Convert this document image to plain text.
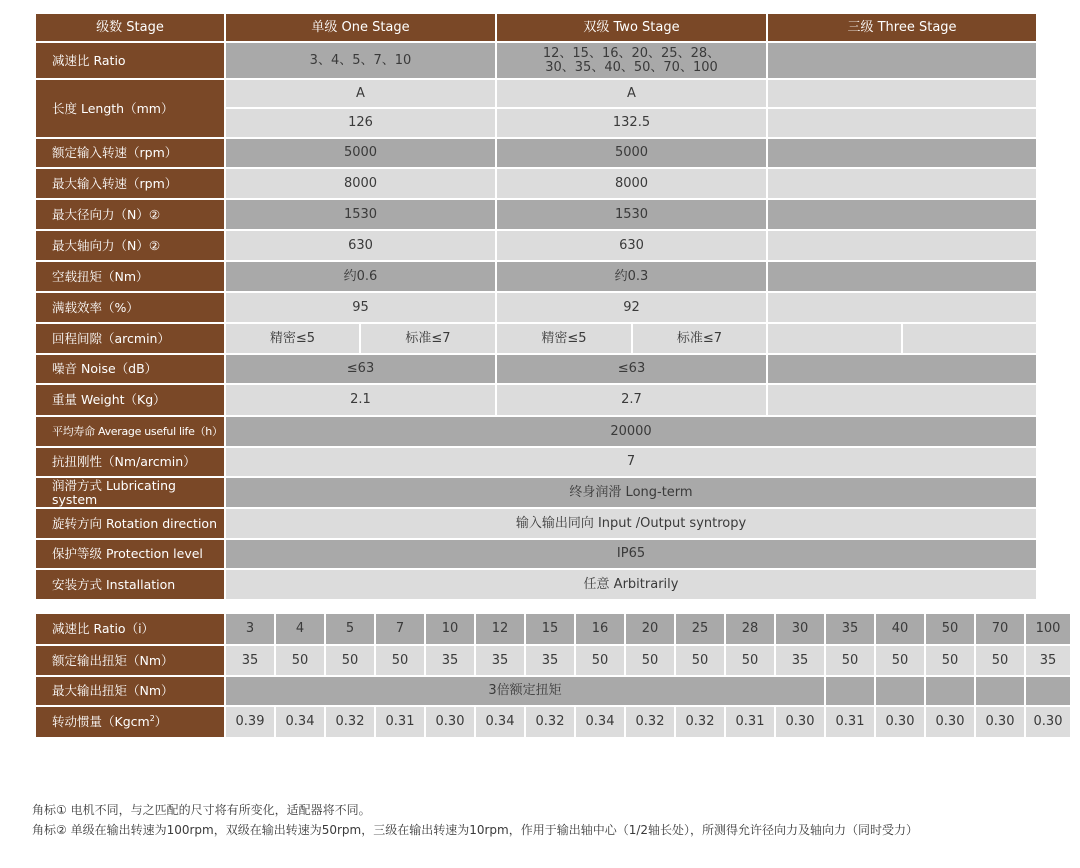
级数 Stage	单级 One Stage		双级 Two Stage		三级 Three Stage	
减速比 Ratio	3、4、5、7、10		12、15、16、20、25、28、
30、35、40、50、70、100			

长度 Length（mm）	A		A			
	126		132.5			
额定输入转速（rpm）	5000		5000			
最大输入转速（rpm）	8000		8000			
最大径向力（N）②	1530		1530			
最大轴向力（N）②	630		630			
空载扭矩（Nm）	约0.6		约0.3			
满载效率（%）	95		92			
回程间隙（arcmin）	精密≤5	标准≤7	精密≤5	标准≤7		
噪音 Noise（dB）	≤63		≤63			
重量 Weight（Kg）	2.1		2.7			
平均寿命 Average useful life（h）	20000					
抗扭刚性（Nm/arcmin）	7					
润滑方式 Lubricating system	终身润滑 Long-term					
旋转方向 Rotation direction	输入输出同向 Input /Output syntropy					
保护等级 Protection level	IP65					
安装方式 Installation	任意 Arbitrarily					
减速比 Ratio（i）	3	4	5	7	10	12	15	16	20	25	28	30	35	40	50	70	100
额定输出扭矩（Nm）	35	50	50	50	35	35	35	50	50	50	50	35	50	50	50	50	35
最大输出扭矩（Nm）	3倍额定扭矩																
转动惯量（Kgcm$^2$）	0.39	0.34	0.32	0.31	0.30	0.34	0.32	0.34	0.32	0.32	0.31	0.30	0.31	0.30	0.30	0.30	0.30
角标① 电机不同，与之匹配的尺寸将有所变化，适配器将不同。
角标② 单级在输出转速为100rpm，双级在输出转速为50rpm，三级在输出转速为10rpm，作用于输出轴中心（1/2轴长处），所测得允许径向力及轴向力（同时受力）
